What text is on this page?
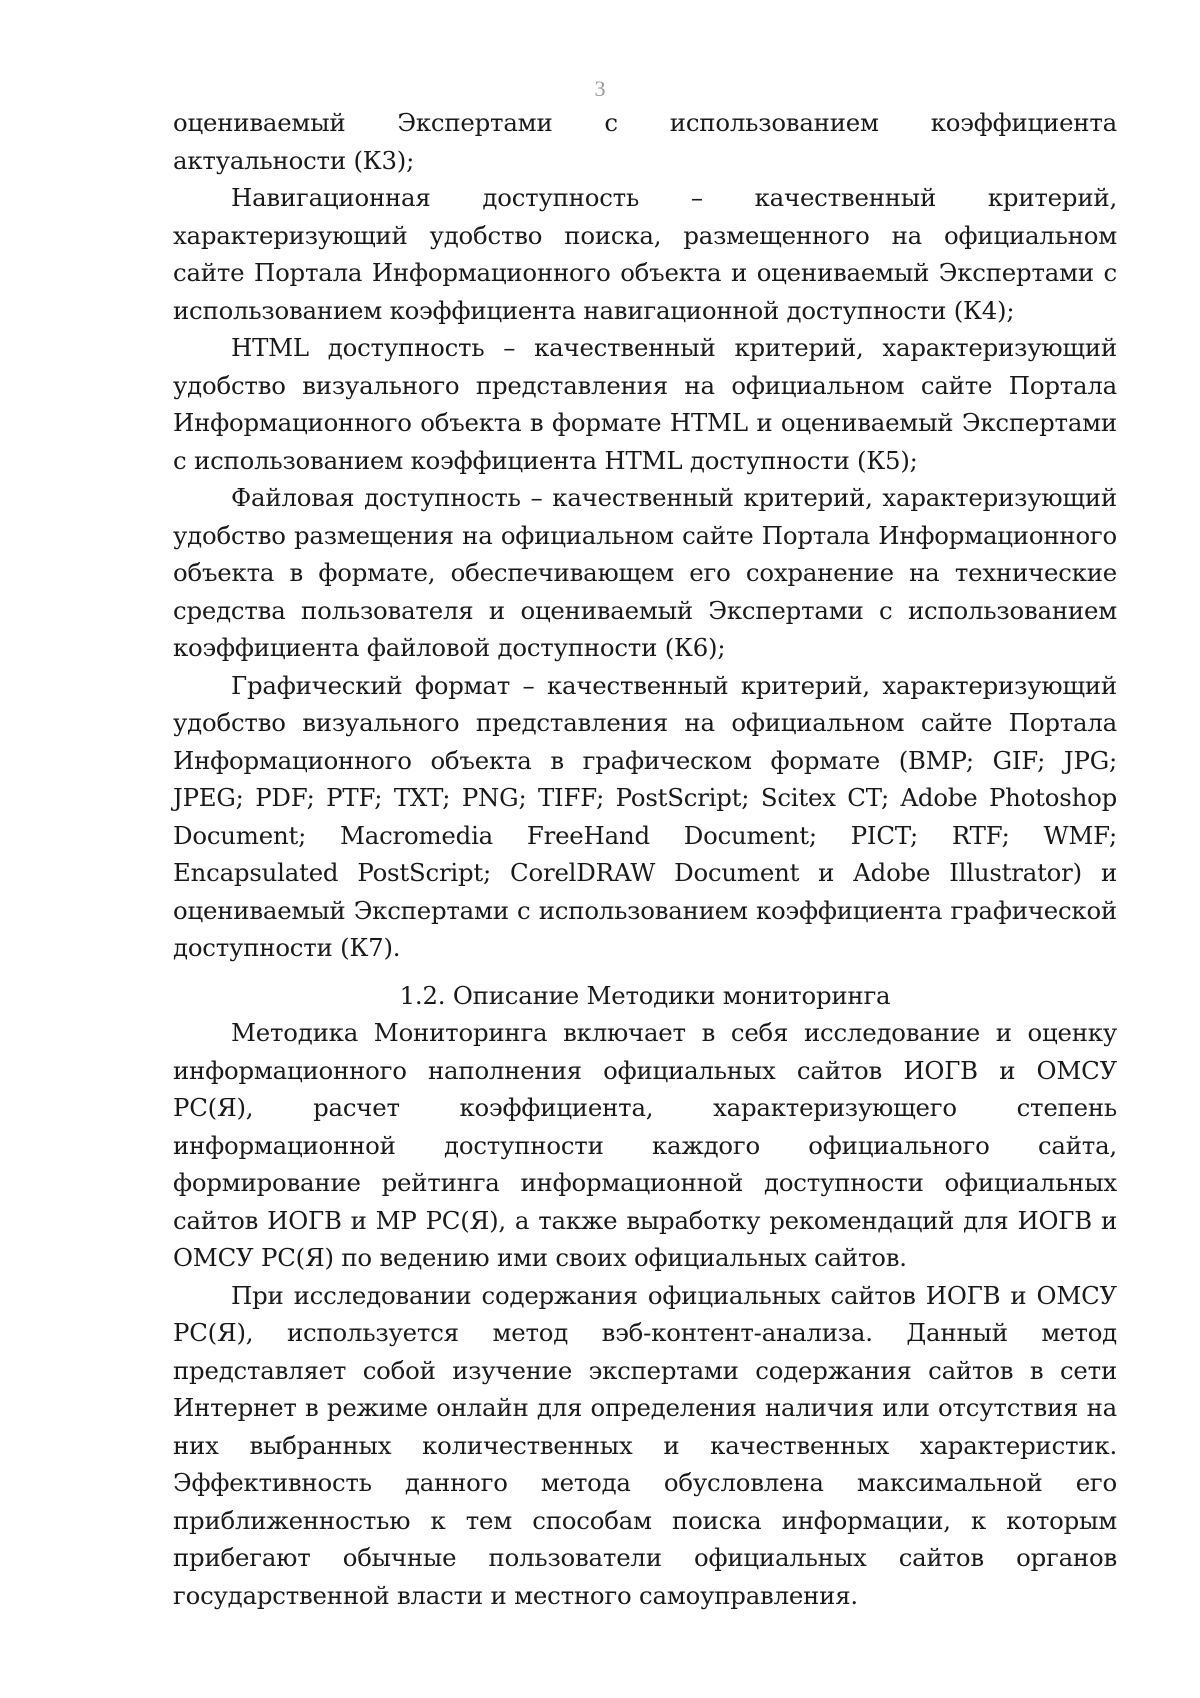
3

оцениваемый Экспертами с использованием коэффициента актуальности (К3);

Навигационная доступность – качественный критерий, характеризующий удобство поиска, размещенного на официальном сайте Портала Информационного объекта и оцениваемый Экспертами с использованием коэффициента навигационной доступности (К4);

HTML доступность – качественный критерий, характеризующий удобство визуального представления на официальном сайте Портала Информационного объекта в формате HTML и оцениваемый Экспертами с использованием коэффициента HTML доступности (К5);

Файловая доступность – качественный критерий, характеризующий удобство размещения на официальном сайте Портала Информационного объекта в формате, обеспечивающем его сохранение на технические средства пользователя и оцениваемый Экспертами с использованием коэффициента файловой доступности (К6);

Графический формат – качественный критерий, характеризующий удобство визуального представления на официальном сайте Портала Информационного объекта в графическом формате (BMP; GIF; JPG; JPEG; PDF; PTF; TXT; PNG; TIFF; PostScript; Scitex CT; Adobe Photoshop Document; Macromedia FreeHand Document; PICT; RTF; WMF; Encapsulated PostScript; CorelDRAW Document и Adobe Illustrator) и оцениваемый Экспертами с использованием коэффициента графической доступности (К7).

1.2. Описание Методики мониторинга

Методика Мониторинга включает в себя исследование и оценку информационного наполнения официальных сайтов ИОГВ и ОМСУ РС(Я), расчет коэффициента, характеризующего степень информационной доступности каждого официального сайта, формирование рейтинга информационной доступности официальных сайтов ИОГВ и МР РС(Я), а также выработку рекомендаций для ИОГВ и ОМСУ РС(Я) по ведению ими своих официальных сайтов.

При исследовании содержания официальных сайтов ИОГВ и ОМСУ РС(Я), используется метод вэб-контент-анализа. Данный метод представляет собой изучение экспертами содержания сайтов в сети Интернет в режиме онлайн для определения наличия или отсутствия на них выбранных количественных и качественных характеристик. Эффективность данного метода обусловлена максимальной его приближенностью к тем способам поиска информации, к которым прибегают обычные пользователи официальных сайтов органов государственной власти и местного самоуправления.
